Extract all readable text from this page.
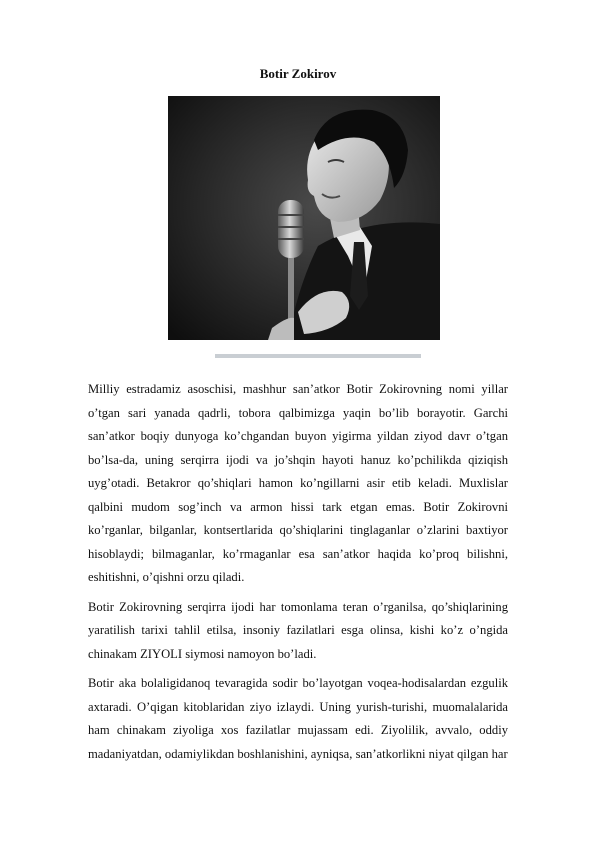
Botir Zokirov

Milliy estradamiz asoschisi, mashhur san’atkor Botir Zokirovning nomi yillar o’tgan sari yanada qadrli, tobora qalbimizga yaqin bo’lib borayotir. Garchi san’atkor boqiy dunyoga ko’chgandan buyon yigirma yildan ziyod davr o’tgan bo’lsa-da, uning serqirra ijodi va jo’shqin hayoti hanuz ko’pchilikda qiziqish uyg’otadi. Betakror qo’shiqlari hamon ko’ngillarni asir etib keladi. Muxlislar qalbini mudom sog’inch va armon hissi tark etgan emas. Botir Zokirovni ko’rganlar, bilganlar, kontsertlarida qo’shiqlarini tinglaganlar o’zlarini baxtiyor hisoblaydi; bilmaganlar, ko’rmaganlar esa san’atkor haqida ko’proq bilishni, eshitishni, o’qishni orzu qiladi.

Botir Zokirovning serqirra ijodi har tomonlama teran o’rganilsa, qo’shiqlarining yaratilish tarixi tahlil etilsa, insoniy fazilatlari esga olinsa, kishi ko’z o’ngida chinakam ZIYOLI siymosi namoyon bo’ladi.

Botir aka bolaligidanoq tevaragida sodir bo’layotgan voqea-hodisalardan ezgulik axtaradi. O’qigan kitoblaridan ziyo izlaydi. Uning yurish-turishi, muomalalarida ham chinakam ziyoliga xos fazilatlar mujassam edi. Ziyolilik, avvalo, oddiy madaniyatdan, odamiylikdan boshlanishini, ayniqsa, san’atkorlikni niyat qilgan har
